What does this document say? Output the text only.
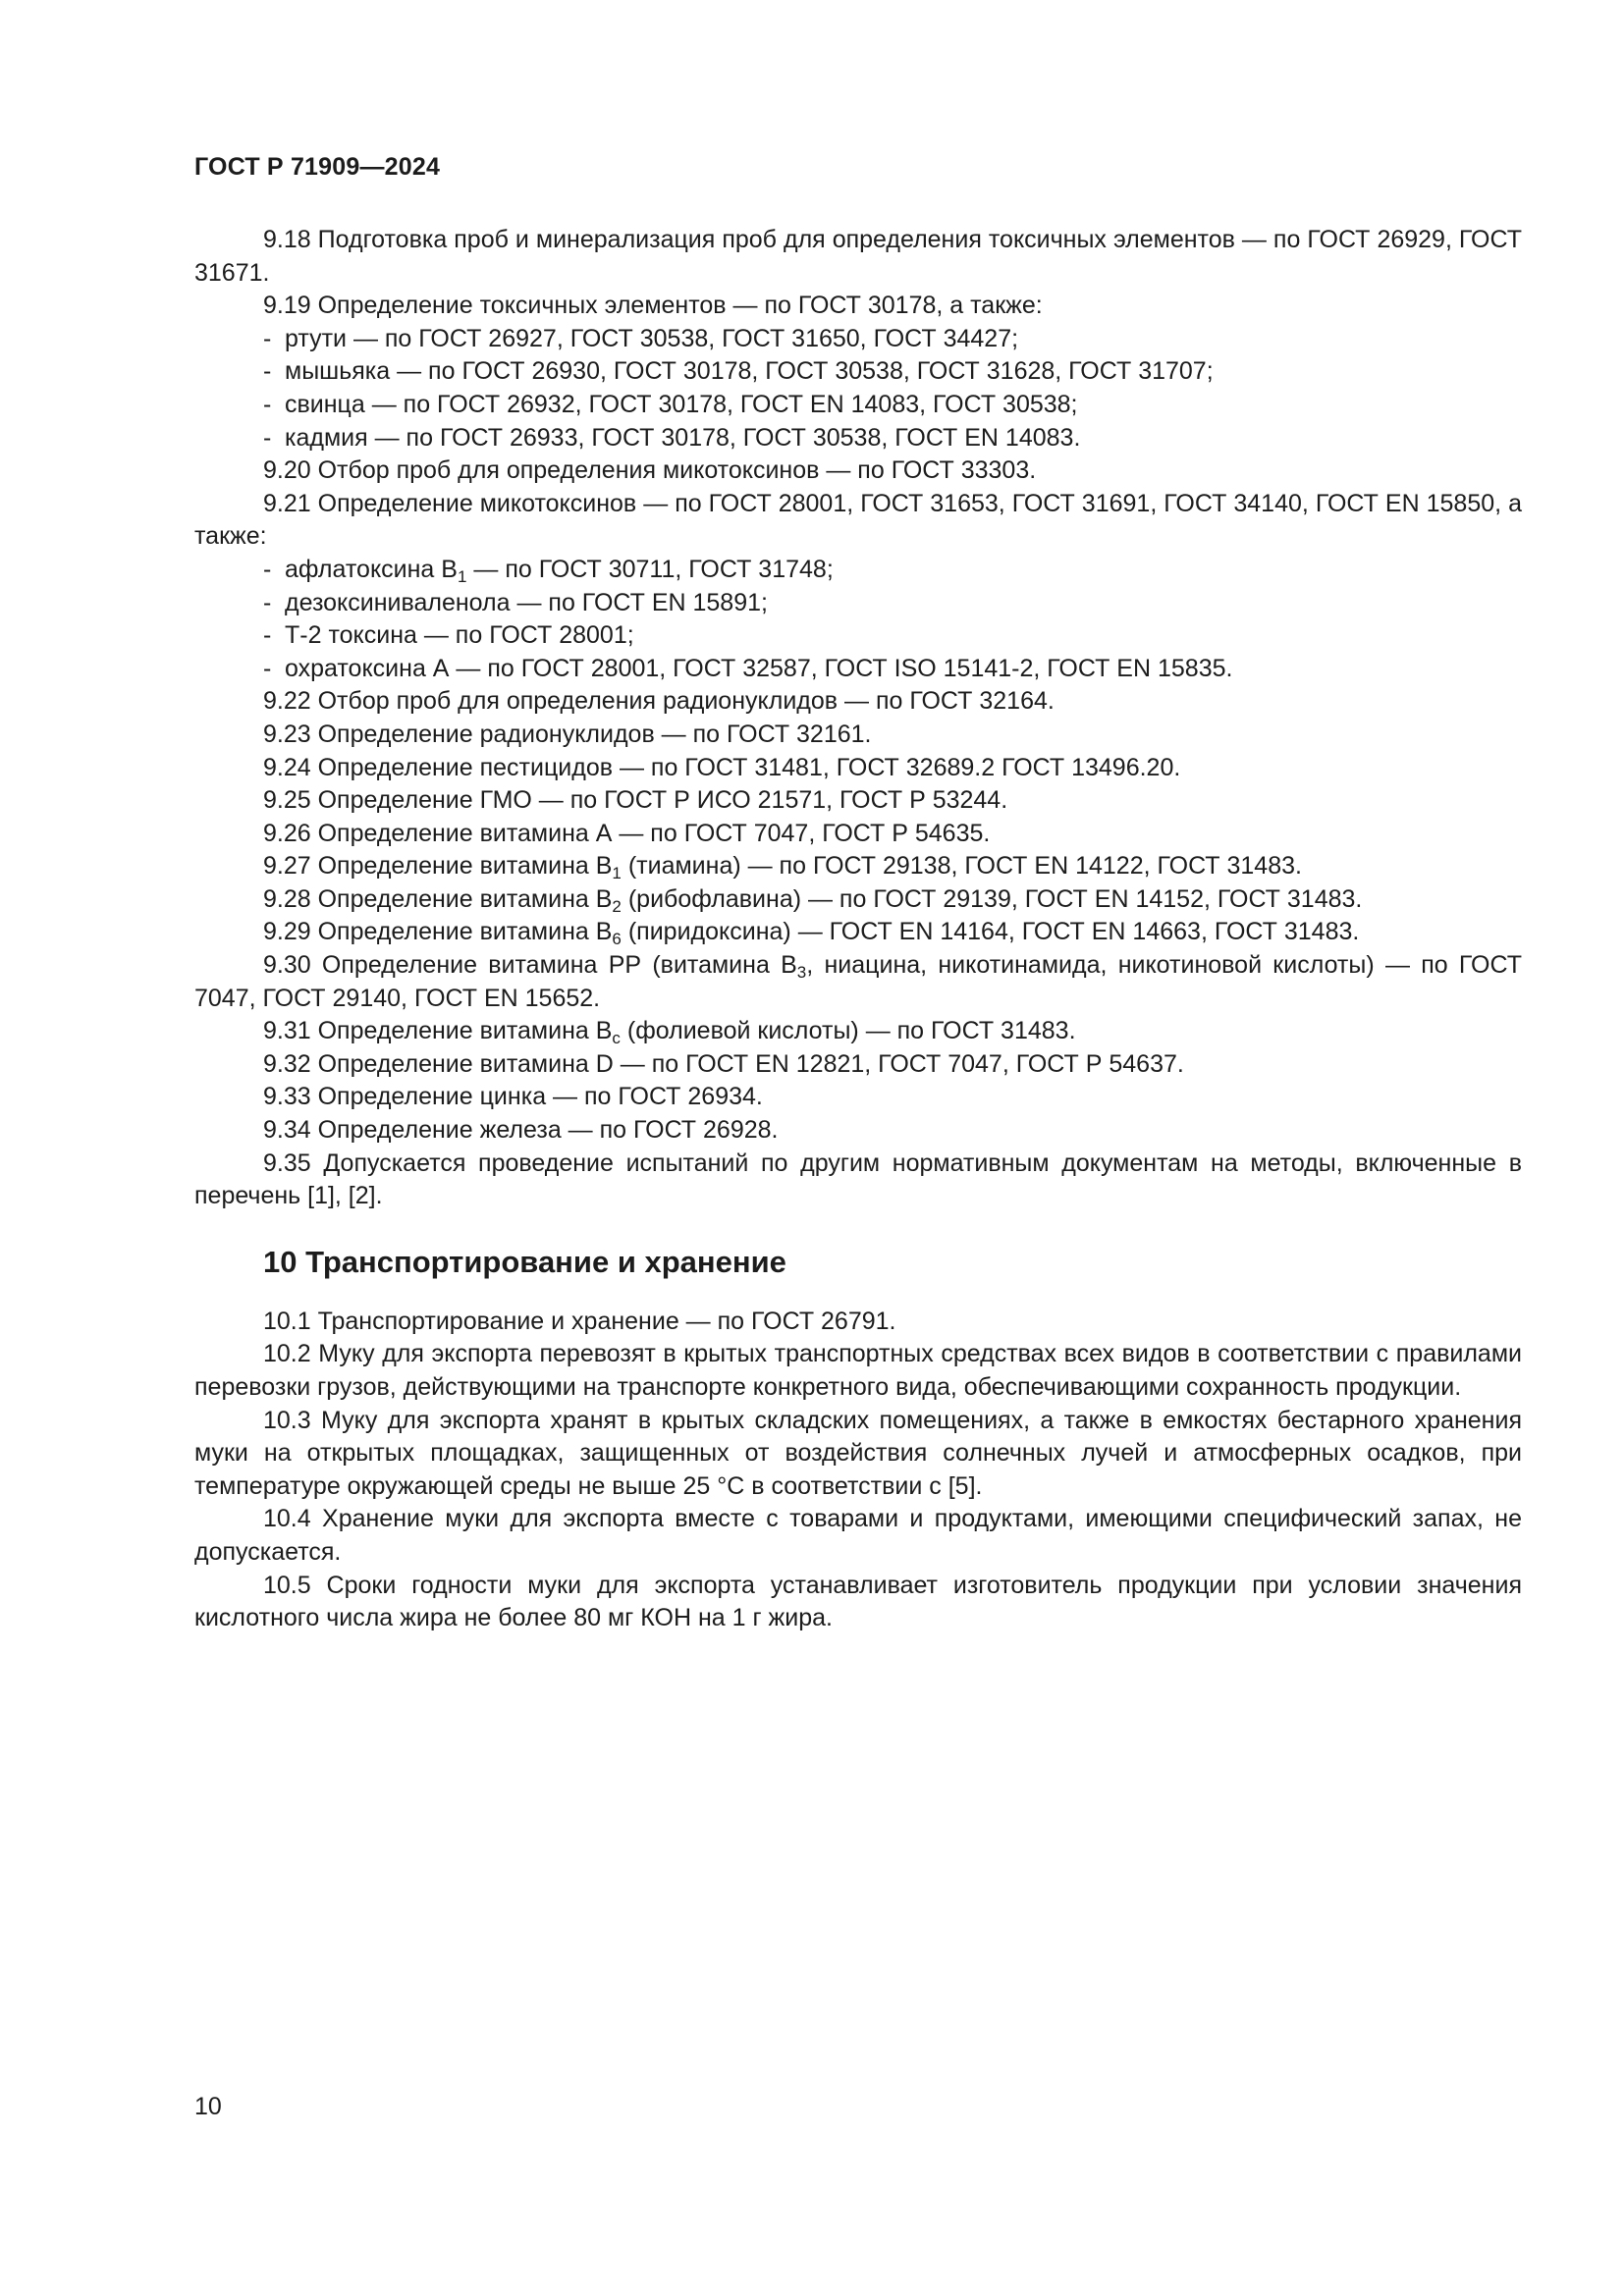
ГОСТ Р 71909—2024

9.18 Подготовка проб и минерализация проб для определения токсичных элементов — по ГОСТ 26929, ГОСТ 31671.

9.19 Определение токсичных элементов — по ГОСТ 30178, а также:

- ртути — по ГОСТ 26927, ГОСТ 30538, ГОСТ 31650, ГОСТ 34427;
- мышьяка — по ГОСТ 26930, ГОСТ 30178, ГОСТ 30538, ГОСТ 31628, ГОСТ 31707;
- свинца — по ГОСТ 26932, ГОСТ 30178, ГОСТ EN 14083, ГОСТ 30538;
- кадмия — по ГОСТ 26933, ГОСТ 30178, ГОСТ 30538, ГОСТ EN 14083.

9.20 Отбор проб для определения микотоксинов — по ГОСТ 33303.

9.21 Определение микотоксинов — по ГОСТ 28001, ГОСТ 31653, ГОСТ 31691, ГОСТ 34140, ГОСТ EN 15850, а также:

- афлатоксина $В_1$ — по ГОСТ 30711, ГОСТ 31748;
- дезоксиниваленола — по ГОСТ EN 15891;
- Т-2 токсина — по ГОСТ 28001;
- охратоксина А — по ГОСТ 28001, ГОСТ 32587, ГОСТ ISO 15141-2, ГОСТ EN 15835.

9.22 Отбор проб для определения радионуклидов — по ГОСТ 32164.

9.23 Определение радионуклидов — по ГОСТ 32161.

9.24 Определение пестицидов — по ГОСТ 31481, ГОСТ 32689.2 ГОСТ 13496.20.

9.25 Определение ГМО — по ГОСТ Р ИСО 21571, ГОСТ Р 53244.

9.26 Определение витамина А — по ГОСТ 7047, ГОСТ Р 54635.

9.27 Определение витамина $В_1$ (тиамина) — по ГОСТ 29138, ГОСТ EN 14122, ГОСТ 31483.

9.28 Определение витамина $В_2$ (рибофлавина) — по ГОСТ 29139, ГОСТ EN 14152, ГОСТ 31483.

9.29 Определение витамина $В_6$ (пиридоксина) — ГОСТ EN 14164, ГОСТ EN 14663, ГОСТ 31483.

9.30 Определение витамина РР (витамина $В_3$, ниацина, никотинамида, никотиновой кислоты) — по ГОСТ 7047, ГОСТ 29140, ГОСТ EN 15652.

9.31 Определение витамина $В_с$ (фолиевой кислоты) — по ГОСТ 31483.

9.32 Определение витамина D — по ГОСТ EN 12821, ГОСТ 7047, ГОСТ Р 54637.

9.33 Определение цинка — по ГОСТ 26934.

9.34 Определение железа — по ГОСТ 26928.

9.35 Допускается проведение испытаний по другим нормативным документам на методы, включенные в перечень [1], [2].

10 Транспортирование и хранение

10.1 Транспортирование и хранение — по ГОСТ 26791.

10.2 Муку для экспорта перевозят в крытых транспортных средствах всех видов в соответствии с правилами перевозки грузов, действующими на транспорте конкретного вида, обеспечивающими сохранность продукции.

10.3 Муку для экспорта хранят в крытых складских помещениях, а также в емкостях бестарного хранения муки на открытых площадках, защищенных от воздействия солнечных лучей и атмосферных осадков, при температуре окружающей среды не выше 25 °С в соответствии с [5].

10.4 Хранение муки для экспорта вместе с товарами и продуктами, имеющими специфический запах, не допускается.

10.5 Сроки годности муки для экспорта устанавливает изготовитель продукции при условии значения кислотного числа жира не более 80 мг КОН на 1 г жира.

10
